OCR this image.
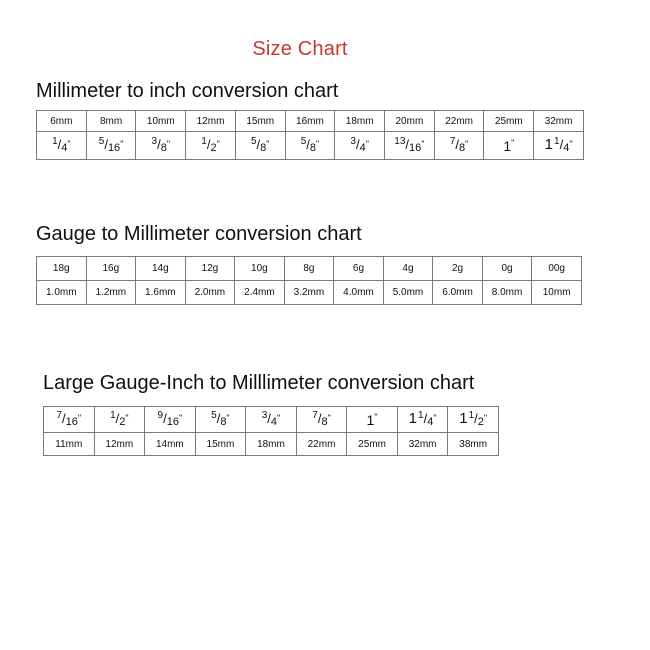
Size Chart
Millimeter to inch conversion chart
6mm	8mm	10mm	12mm	15mm	16mm	18mm	20mm	22mm	25mm	32mm
$^1$/4"	$^5$/16"	$^3$/8"	$^1$/2"	$^5$/8"	$^5$/8"	$^3$/4"	$^{13}$/16"	$^7$/8"	1"	$1^1/4$"
Gauge to Millimeter conversion chart
18g	16g	14g	12g	10g	8g	6g	4g	2g	0g	00g
1.0mm	1.2mm	1.6mm	2.0mm	2.4mm	3.2mm	4.0mm	5.0mm	6.0mm	8.0mm	10mm
Large Gauge-Inch to Milllimeter conversion chart
$^7$/16"	$^1$/2"	$^9$/16"	$^5$/8"	$^3$/4"	$^7$/8"	1"	$1^1/4$"	$1^1/2$"
11mm	12mm	14mm	15mm	18mm	22mm	25mm	32mm	38mm
